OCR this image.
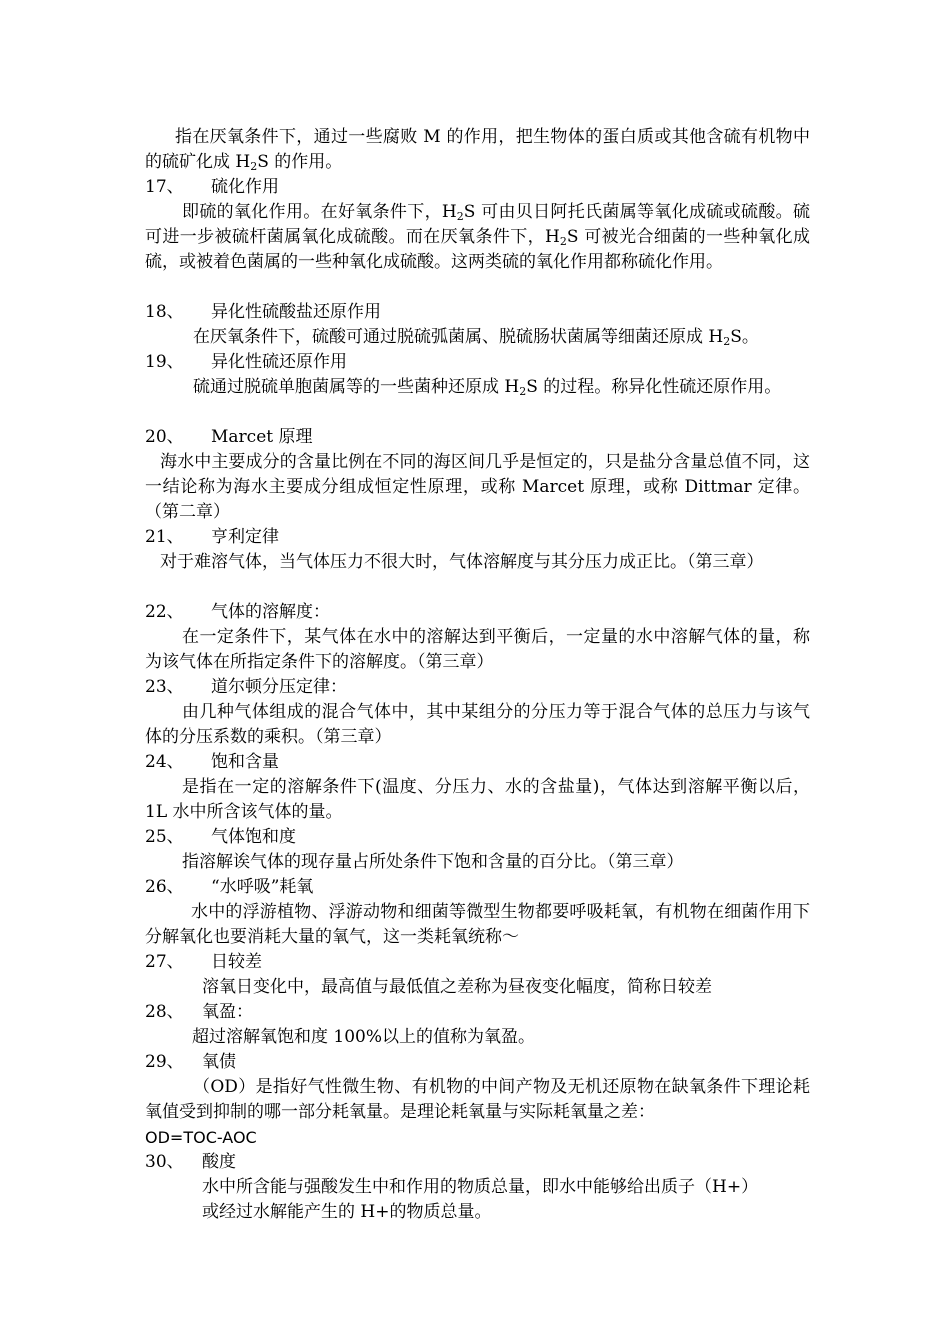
指在厌氧条件下，通过一些腐败 M 的作用，把生物体的蛋白质或其他含硫有机物中的硫矿化成 $H_2S$ 的作用。
17、 硫化作用
即硫的氧化作用。在好氧条件下，$H_2S$ 可由贝日阿托氏菌属等氧化成硫或硫酸。硫可进一步被硫杆菌属氧化成硫酸。而在厌氧条件下，$H_2S$ 可被光合细菌的一些种氧化成硫，或被着色菌属的一些种氧化成硫酸。这两类硫的氧化作用都称硫化作用。
18、 异化性硫酸盐还原作用
在厌氧条件下，硫酸可通过脱硫弧菌属、脱硫肠状菌属等细菌还原成 $H_2S$。
19、 异化性硫还原作用
硫通过脱硫单胞菌属等的一些菌种还原成 $H_2S$ 的过程。称异化性硫还原作用。
20、 Marcet 原理
海水中主要成分的含量比例在不同的海区间几乎是恒定的，只是盐分含量总值不同，这一结论称为海水主要成分组成恒定性原理，或称 Marcet 原理，或称 Dittmar 定律。（第二章）
21、 亨利定律
对于难溶气体，当气体压力不很大时，气体溶解度与其分压力成正比。（第三章）
22、 气体的溶解度：
在一定条件下，某气体在水中的溶解达到平衡后，一定量的水中溶解气体的量，称为该气体在所指定条件下的溶解度。（第三章）
23、 道尔顿分压定律：
由几种气体组成的混合气体中，其中某组分的分压力等于混合气体的总压力与该气体的分压系数的乘积。（第三章）
24、 饱和含量
是指在一定的溶解条件下(温度、分压力、水的含盐量)，气体达到溶解平衡以后，1L 水中所含该气体的量。
25、 气体饱和度
指溶解诶气体的现存量占所处条件下饱和含量的百分比。（第三章）
26、 “水呼吸”耗氧
水中的浮游植物、浮游动物和细菌等微型生物都要呼吸耗氧，有机物在细菌作用下分解氧化也要消耗大量的氧气，这一类耗氧统称～
27、 日较差
溶氧日变化中，最高值与最低值之差称为昼夜变化幅度，简称日较差
28、 氧盈：
超过溶解氧饱和度 100%以上的值称为氧盈。
29、 氧债
（OD）是指好气性微生物、有机物的中间产物及无机还原物在缺氧条件下理论耗氧值受到抑制的哪一部分耗氧量。是理论耗氧量与实际耗氧量之差：
OD=TOC-AOC
30、 酸度
水中所含能与强酸发生中和作用的物质总量，即水中能够给出质子（H+）
或经过水解能产生的 H+的物质总量。
